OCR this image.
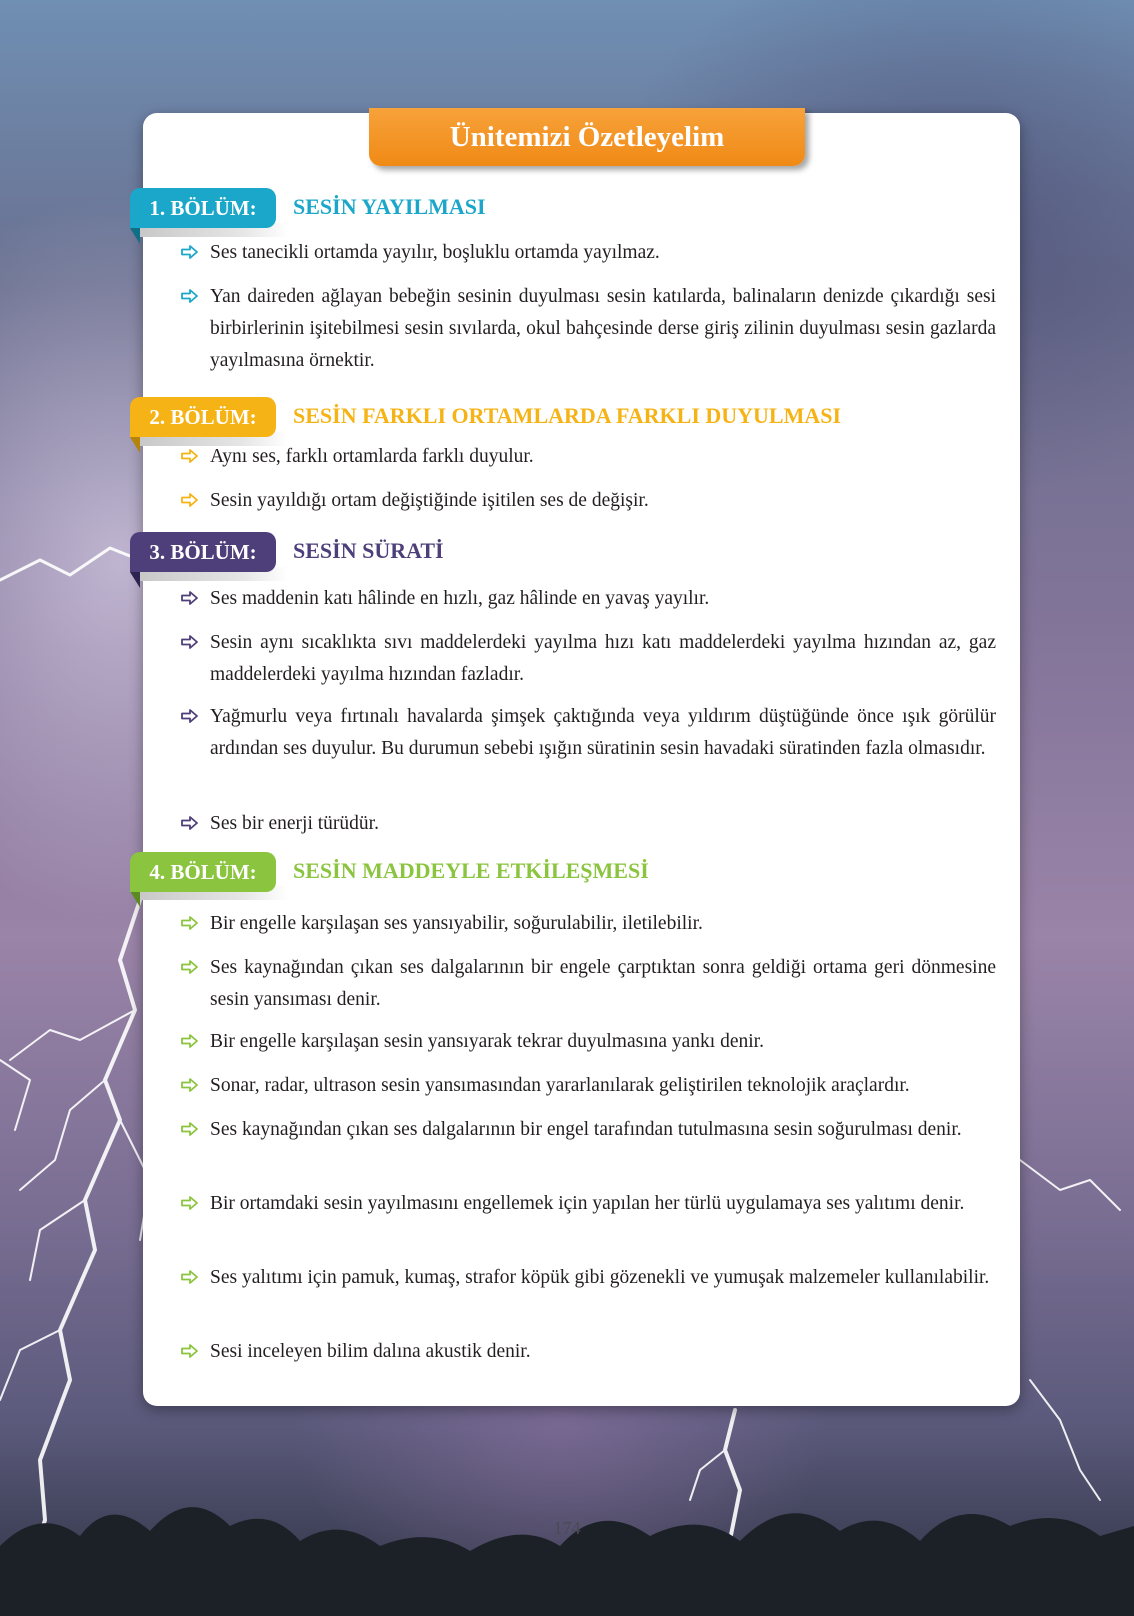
174
Ünitemizi Özetleyelim
1. BÖLÜM:	SESİN YAYILMASI
Ses tanecikli ortamda yayılır, boşluklu ortamda yayılmaz.
Yan daireden ağlayan bebeğin sesinin duyulması sesin katılarda, balinaların denizde çıkardığı sesi birbirlerinin işitebilmesi sesin sıvılarda, okul bahçesinde derse giriş zilinin duyulması sesin gazlarda yayılmasına örnektir.
2. BÖLÜM:	SESİN FARKLI ORTAMLARDA FARKLI DUYULMASI
Aynı ses, farklı ortamlarda farklı duyulur.
Sesin yayıldığı ortam değiştiğinde işitilen ses de değişir.
3. BÖLÜM:	SESİN SÜRATİ
Ses maddenin katı hâlinde en hızlı, gaz hâlinde en yavaş yayılır.
Sesin aynı sıcaklıkta sıvı maddelerdeki yayılma hızı katı maddelerdeki yayılma hızından az, gaz maddelerdeki yayılma hızından fazladır.
Yağmurlu veya fırtınalı havalarda şimşek çaktığında veya yıldırım düştüğünde önce ışık görülür ardından ses duyulur. Bu durumun sebebi ışığın süratinin sesin havadaki süratinden fazla olmasıdır.
Ses bir enerji türüdür.
4. BÖLÜM:	SESİN MADDEYLE ETKİLEŞMESİ
Bir engelle karşılaşan ses yansıyabilir, soğurulabilir, iletilebilir.
Ses kaynağından çıkan ses dalgalarının bir engele çarptıktan sonra geldiği ortama geri dönmesine sesin yansıması denir.
Bir engelle karşılaşan sesin yansıyarak tekrar duyulmasına yankı denir.
Sonar, radar, ultrason sesin yansımasından yararlanılarak geliştirilen teknolojik araçlardır.
Ses kaynağından çıkan ses dalgalarının bir engel tarafından tutulmasına sesin soğurulması denir.
Bir ortamdaki sesin yayılmasını engellemek için yapılan her türlü uygulamaya ses yalıtımı denir.
Ses yalıtımı için pamuk, kumaş, strafor köpük gibi gözenekli ve yumuşak malzemeler kullanılabilir.
Sesi inceleyen bilim dalına akustik denir.
